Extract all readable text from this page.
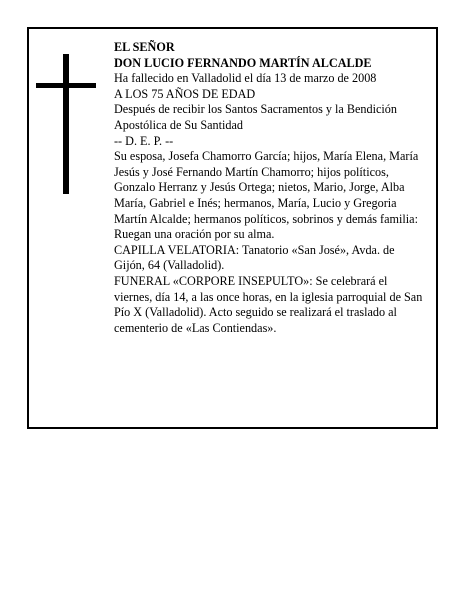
EL SEÑOR

DON LUCIO FERNANDO MARTÍN ALCALDE

Ha fallecido en Valladolid el día 13 de marzo de 2008

A LOS 75 AÑOS DE EDAD

Después de recibir los Santos Sacramentos y la Bendición Apostólica de Su Santidad

-- D. E. P. --

Su esposa, Josefa Chamorro García; hijos, María Elena, María Jesús y José Fernando Martín Chamorro; hijos políticos, Gonzalo Herranz y Jesús Ortega; nietos, Mario, Jorge, Alba María, Gabriel e Inés; hermanos, María, Lucio y Gregoria Martín Alcalde; hermanos políticos, sobrinos y demás familia:

Ruegan una oración por su alma.

CAPILLA VELATORIA: Tanatorio «San José», Avda. de Gijón, 64 (Valladolid).

FUNERAL «CORPORE INSEPULTO»: Se celebrará el viernes, día 14, a las once horas, en la iglesia parroquial de San Pío X (Valladolid). Acto seguido se realizará el traslado al cementerio de «Las Contiendas».
